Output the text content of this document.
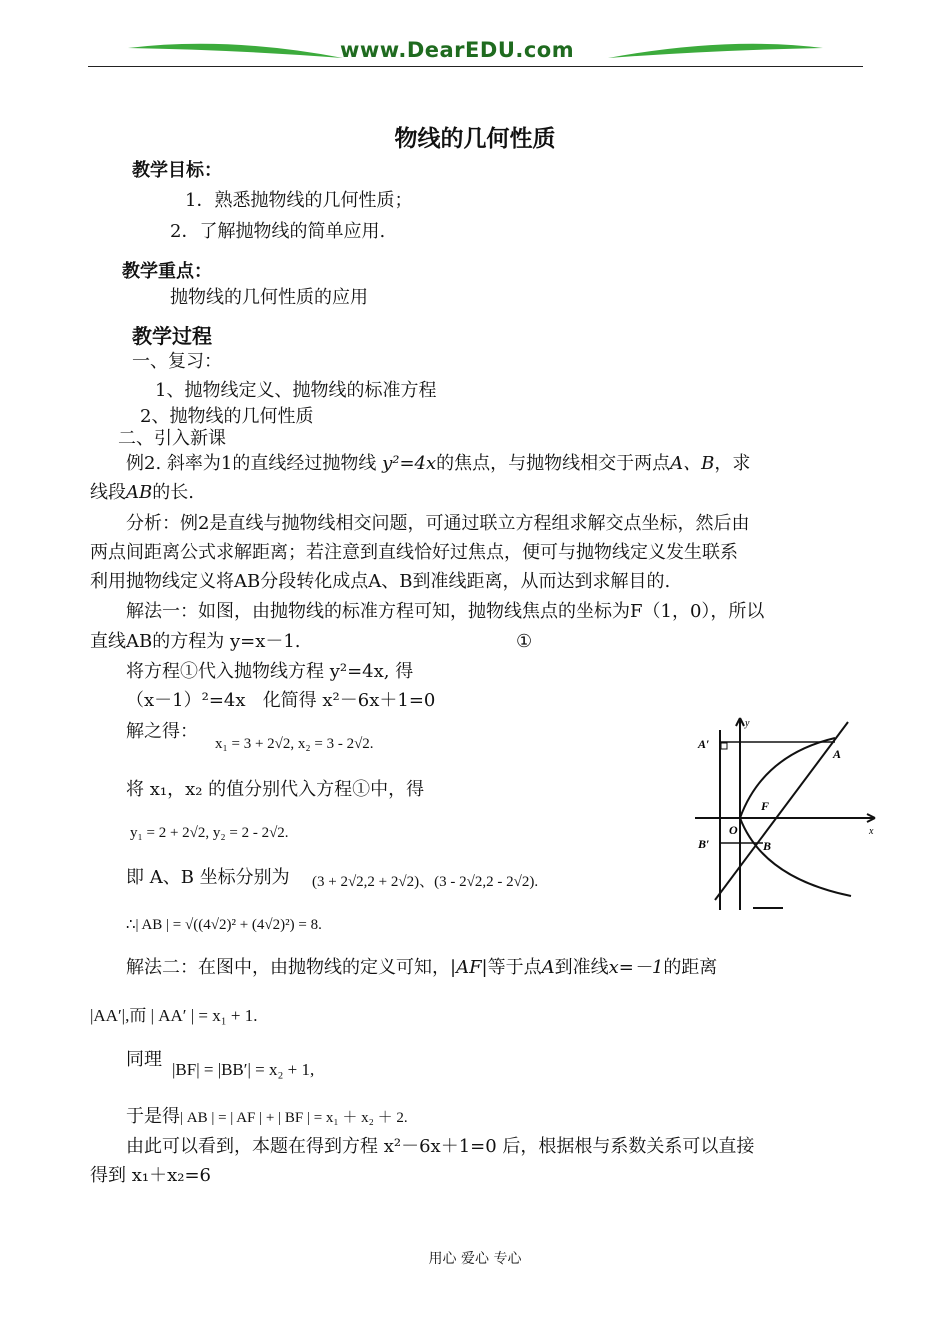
www.DearEDU.com
物线的几何性质
教学目标：
1．熟悉抛物线的几何性质；
2．了解抛物线的简单应用.
教学重点：
抛物线的几何性质的应用
教学过程
一、复习：
1、抛物线定义、抛物线的标准方程
2、抛物线的几何性质
二、引入新课
例2. 斜率为1的直线经过抛物线 y²=4x的焦点，与抛物线相交于两点A、B，求
线段AB的长.
分析：例2是直线与抛物线相交问题，可通过联立方程组求解交点坐标，然后由
两点间距离公式求解距离；若注意到直线恰好过焦点，便可与抛物线定义发生联系
利用抛物线定义将AB分段转化成点A、B到准线距离，从而达到求解目的.
解法一：如图，由抛物线的标准方程可知，抛物线焦点的坐标为F（1，0），所以
直线AB的方程为 y=x－1.	①
将方程①代入抛物线方程 y²=4x, 得
（x－1）²=4x 化简得 x²－6x＋1=0
解之得：
x₁ = 3 + 2√2, x₂ = 3 - 2√2.
将 x₁，x₂ 的值分别代入方程①中，得
y₁ = 2 + 2√2, y₂ = 2 - 2√2.
即 A、B 坐标分别为 (3 + 2√2,2 + 2√2)、(3 - 2√2,2 - 2√2).
∴| AB | = √((4√2)² + (4√2)²) = 8.
y
A′
A
F
O	x
B′	B
解法二：在图中，由抛物线的定义可知，|AF|等于点A到准线x=－1的距离
|AA′|,而 | AA′ | = x₁ + 1.
同理 |BF| = |BB′| = x₂ + 1,
于是得| AB | = | AF | + | BF | = x₁ ＋ x₂ ＋ 2.
由此可以看到，本题在得到方程 x²－6x＋1=0 后，根据根与系数关系可以直接
得到 x₁＋x₂=6
用心 爱心 专心
